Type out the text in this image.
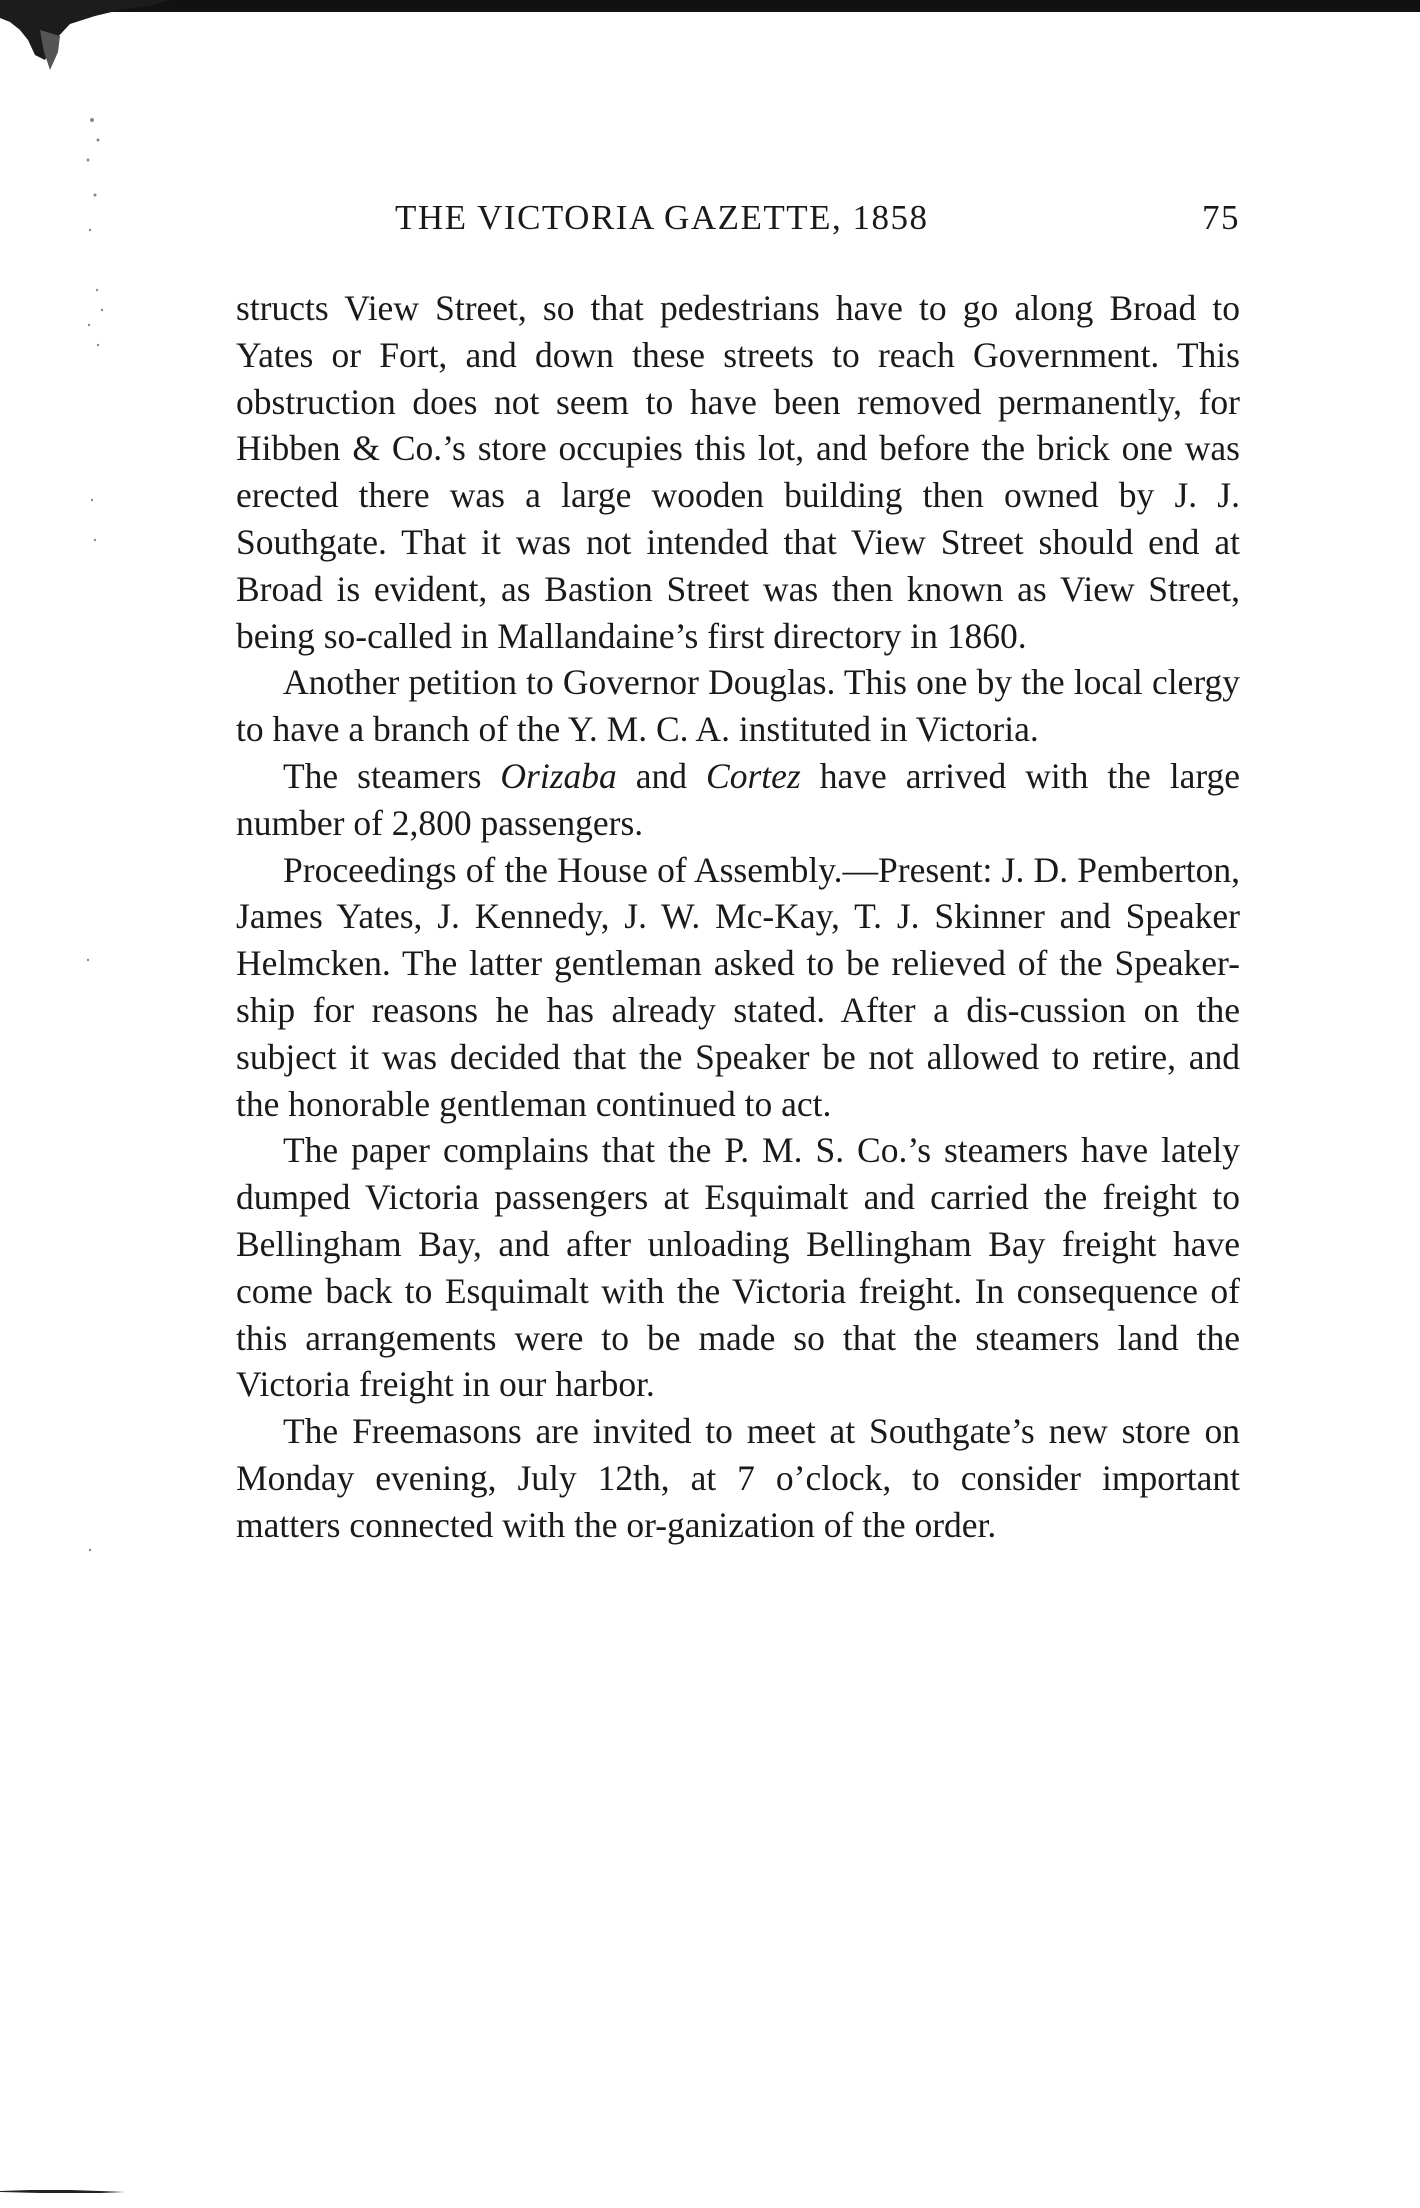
THE VICTORIA GAZETTE, 1858	75

structs View Street, so that pedestrians have to go along Broad to Yates or Fort, and down these streets to reach Government. This obstruction does not seem to have been removed permanently, for Hibben & Co.’s store occupies this lot, and before the brick one was erected there was a large wooden building then owned by J. J. Southgate. That it was not intended that View Street should end at Broad is evident, as Bastion Street was then known as View Street, being so-called in Mallandaine’s first directory in 1860.

Another petition to Governor Douglas. This one by the local clergy to have a branch of the Y. M. C. A. instituted in Victoria.

The steamers Orizaba and Cortez have arrived with the large number of 2,800 passengers.

Proceedings of the House of Assembly.—Present: J. D. Pemberton, James Yates, J. Kennedy, J. W. Mc-Kay, T. J. Skinner and Speaker Helmcken. The latter gentleman asked to be relieved of the Speaker-ship for reasons he has already stated. After a dis-cussion on the subject it was decided that the Speaker be not allowed to retire, and the honorable gentleman continued to act.

The paper complains that the P. M. S. Co.’s steamers have lately dumped Victoria passengers at Esquimalt and carried the freight to Bellingham Bay, and after unloading Bellingham Bay freight have come back to Esquimalt with the Victoria freight. In consequence of this arrangements were to be made so that the steamers land the Victoria freight in our harbor.

The Freemasons are invited to meet at Southgate’s new store on Monday evening, July 12th, at 7 o’clock, to consider important matters connected with the or-ganization of the order.
